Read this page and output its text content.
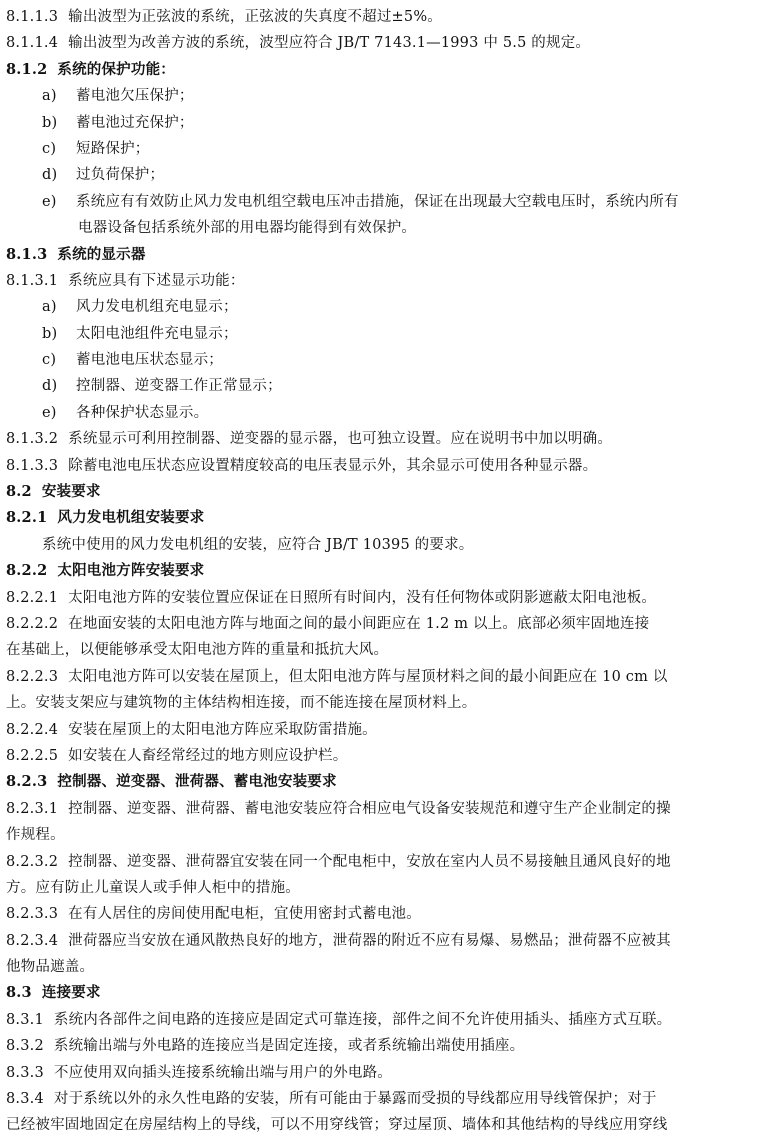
8.1.1.3 输出波型为正弦波的系统，正弦波的失真度不超过±5%。
8.1.1.4 输出波型为改善方波的系统，波型应符合 JB/T 7143.1—1993 中 5.5 的规定。
8.1.2 系统的保护功能：
a) 蓄电池欠压保护；
b) 蓄电池过充保护；
c) 短路保护；
d) 过负荷保护；
e) 系统应有有效防止风力发电机组空载电压冲击措施，保证在出现最大空载电压时，系统内所有
电器设备包括系统外部的用电器均能得到有效保护。
8.1.3 系统的显示器
8.1.3.1 系统应具有下述显示功能：
a) 风力发电机组充电显示；
b) 太阳电池组件充电显示；
c) 蓄电池电压状态显示；
d) 控制器、逆变器工作正常显示；
e) 各种保护状态显示。
8.1.3.2 系统显示可利用控制器、逆变器的显示器，也可独立设置。应在说明书中加以明确。
8.1.3.3 除蓄电池电压状态应设置精度较高的电压表显示外，其余显示可使用各种显示器。
8.2 安装要求
8.2.1 风力发电机组安装要求
系统中使用的风力发电机组的安装，应符合 JB/T 10395 的要求。
8.2.2 太阳电池方阵安装要求
8.2.2.1 太阳电池方阵的安装位置应保证在日照所有时间内，没有任何物体或阴影遮蔽太阳电池板。
8.2.2.2 在地面安装的太阳电池方阵与地面之间的最小间距应在 1.2 m 以上。底部必须牢固地连接
在基础上，以便能够承受太阳电池方阵的重量和抵抗大风。
8.2.2.3 太阳电池方阵可以安装在屋顶上，但太阳电池方阵与屋顶材料之间的最小间距应在 10 cm 以
上。安装支架应与建筑物的主体结构相连接，而不能连接在屋顶材料上。
8.2.2.4 安装在屋顶上的太阳电池方阵应采取防雷措施。
8.2.2.5 如安装在人畜经常经过的地方则应设护栏。
8.2.3 控制器、逆变器、泄荷器、蓄电池安装要求
8.2.3.1 控制器、逆变器、泄荷器、蓄电池安装应符合相应电气设备安装规范和遵守生产企业制定的操
作规程。
8.2.3.2 控制器、逆变器、泄荷器宜安装在同一个配电柜中，安放在室内人员不易接触且通风良好的地
方。应有防止儿童误人或手伸人柜中的措施。
8.2.3.3 在有人居住的房间使用配电柜，宜使用密封式蓄电池。
8.2.3.4 泄荷器应当安放在通风散热良好的地方，泄荷器的附近不应有易爆、易燃品；泄荷器不应被其
他物品遮盖。
8.3 连接要求
8.3.1 系统内各部件之间电路的连接应是固定式可靠连接，部件之间不允许使用插头、插座方式互联。
8.3.2 系统输出端与外电路的连接应当是固定连接，或者系统输出端使用插座。
8.3.3 不应使用双向插头连接系统输出端与用户的外电路。
8.3.4 对于系统以外的永久性电路的安装，所有可能由于暴露而受损的导线都应用导线管保护；对于
已经被牢固地固定在房屋结构上的导线，可以不用穿线管；穿过屋顶、墙体和其他结构的导线应用穿线
